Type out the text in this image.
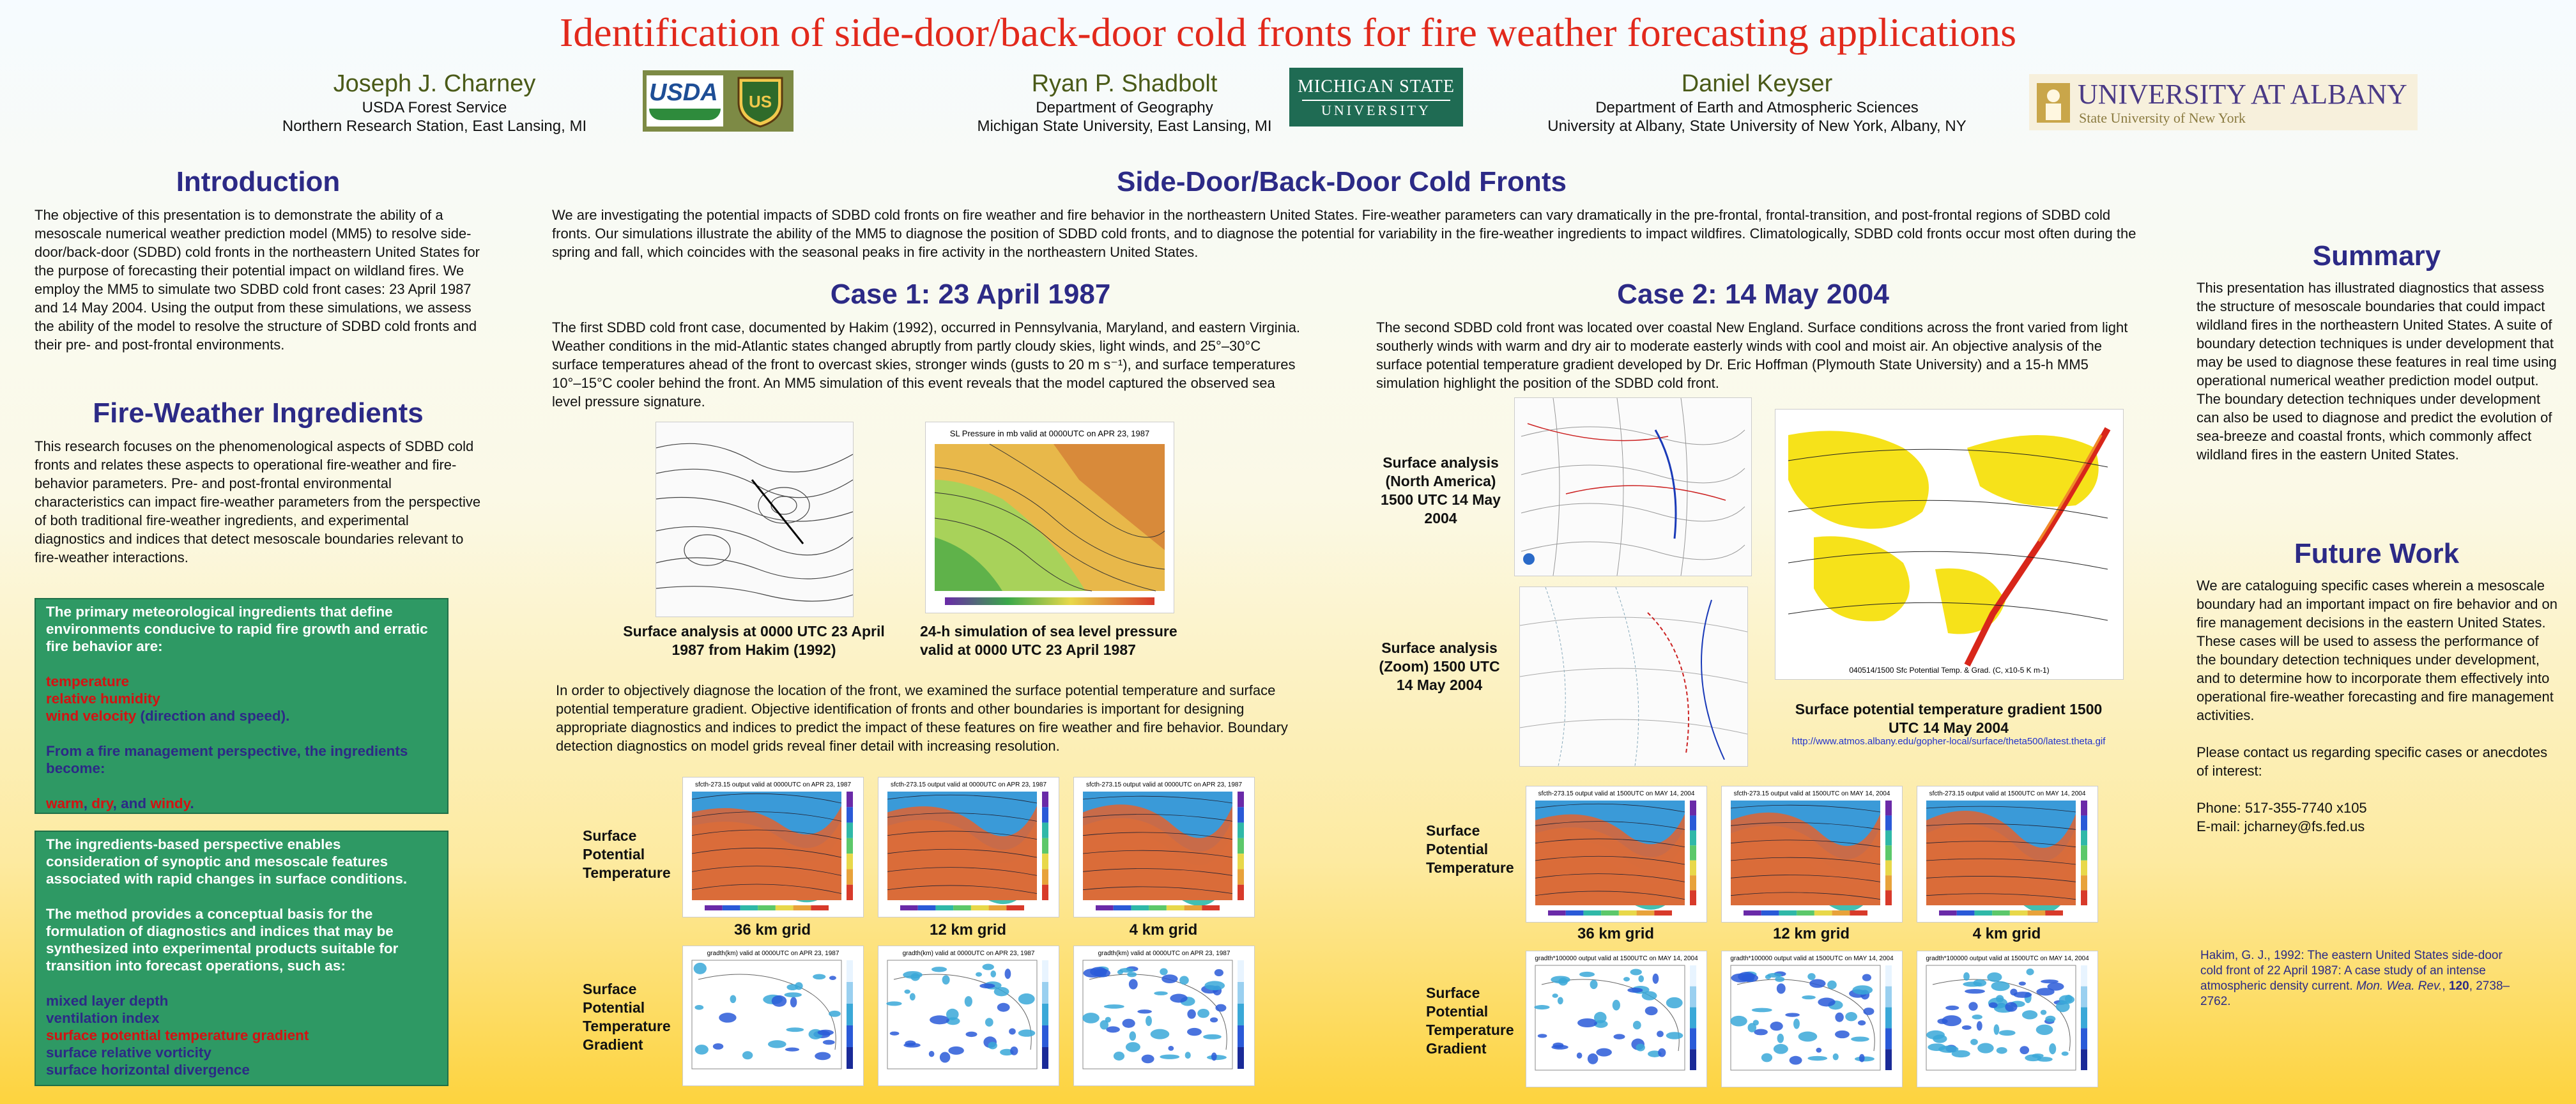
Identification of side-door/back-door cold fronts for fire weather forecasting applications
Joseph J. Charney
USDA Forest Service
Northern Research Station, East Lansing, MI
Ryan P. Shadbolt
Department of Geography
Michigan State University, East Lansing, MI
Daniel Keyser
Department of Earth and Atmospheric Sciences
University at Albany, State University of New York, Albany, NY
USDA US
MICHIGAN STATE
UNIVERSITY
UNIVERSITY AT ALBANY
State University of New York
Introduction
The objective of this presentation is to demonstrate the ability of a mesoscale numerical weather prediction model (MM5) to resolve side-door/back-door (SDBD) cold fronts in the northeastern United States for the purpose of forecasting their potential impact on wildland fires. We employ the MM5 to simulate two SDBD cold front cases: 23 April 1987 and 14 May 2004. Using the output from these simulations, we assess the ability of the model to resolve the structure of SDBD cold fronts and their pre- and post-frontal environments.
Fire-Weather Ingredients
This research focuses on the phenomenological aspects of SDBD cold fronts and relates these aspects to operational fire-weather and fire-behavior parameters. Pre- and post-frontal environmental characteristics can impact fire-weather parameters from the perspective of both traditional fire-weather ingredients, and experimental diagnostics and indices that detect mesoscale boundaries relevant to fire-weather interactions.

The primary meteorological ingredients that define environments conducive to rapid fire growth and erratic fire behavior are:

temperature
relative humidity
wind velocity (direction and speed).

From a fire management perspective, the ingredients become:

warm, dry, and windy.

The ingredients-based perspective enables consideration of synoptic and mesoscale features associated with rapid changes in surface conditions.

The method provides a conceptual basis for the formulation of diagnostics and indices that may be synthesized into experimental products suitable for transition into forecast operations, such as:

mixed layer depth
ventilation index
surface potential temperature gradient
surface relative vorticity
surface horizontal divergence

Side-Door/Back-Door Cold Fronts
We are investigating the potential impacts of SDBD cold fronts on fire weather and fire behavior in the northeastern United States. Fire-weather parameters can vary dramatically in the pre-frontal, frontal-transition, and post-frontal regions of SDBD cold fronts. Our simulations illustrate the ability of the MM5 to diagnose the position of SDBD cold fronts, and to diagnose the potential for variability in the fire-weather ingredients to impact wildfires. Climatologically, SDBD cold fronts occur most often during the spring and fall, which coincides with the seasonal peaks in fire activity in the northeastern United States.
Case 1: 23 April 1987
The first SDBD cold front case, documented by Hakim (1992), occurred in Pennsylvania, Maryland, and eastern Virginia. Weather conditions in the mid-Atlantic states changed abruptly from partly cloudy skies, light winds, and 25°–30°C surface temperatures ahead of the front to overcast skies, stronger winds (gusts to 20 m s⁻¹), and surface temperatures 10°–15°C cooler behind the front. An MM5 simulation of this event reveals that the model captured the observed sea level pressure signature.
Surface analysis at 0000 UTC 23 April 1987 from Hakim (1992)
SL Pressure in mb valid at 0000UTC on APR 23, 1987
24-h simulation of sea level pressure valid at 0000 UTC 23 April 1987
In order to objectively diagnose the location of the front, we examined the surface potential temperature and surface potential temperature gradient. Objective identification of fronts and other boundaries is important for designing appropriate diagnostics and indices to predict the impact of these features on fire weather and fire behavior. Boundary detection diagnostics on model grids reveal finer detail with increasing resolution.
Surface Potential Temperature
Surface Potential Temperature Gradient
sfcth-273.15 output valid at 0000UTC on APR 23, 1987	sfcth-273.15 output valid at 0000UTC on APR 23, 1987	sfcth-273.15 output valid at 0000UTC on APR 23, 1987
36 km grid	12 km grid	4 km grid
gradth(km) valid at 0000UTC on APR 23, 1987	gradth(km) valid at 0000UTC on APR 23, 1987	gradth(km) valid at 0000UTC on APR 23, 1987
Case 2: 14 May 2004
The second SDBD cold front was located over coastal New England. Surface conditions across the front varied from light southerly winds with warm and dry air to moderate easterly winds with cool and moist air. An objective analysis of the surface potential temperature gradient developed by Dr. Eric Hoffman (Plymouth State University) and a 15-h MM5 simulation highlight the position of the SDBD cold front.
Surface analysis (North America) 1500 UTC 14 May 2004
Surface analysis (Zoom) 1500 UTC 14 May 2004
040514/1500 Sfc Potential Temp. & Grad. (C, x10-5 K m-1)
Surface potential temperature gradient 1500 UTC 14 May 2004
http://www.atmos.albany.edu/gopher-local/surface/theta500/latest.theta.gif
Surface Potential Temperature
Surface Potential Temperature Gradient
sfcth-273.15 output valid at 1500UTC on MAY 14, 2004	sfcth-273.15 output valid at 1500UTC on MAY 14, 2004	sfcth-273.15 output valid at 1500UTC on MAY 14, 2004
36 km grid	12 km grid	4 km grid
gradth*100000 output valid at 1500UTC on MAY 14, 2004	gradth*100000 output valid at 1500UTC on MAY 14, 2004	gradth*100000 output valid at 1500UTC on MAY 14, 2004
Summary
This presentation has illustrated diagnostics that assess the structure of mesoscale boundaries that could impact wildland fires in the northeastern United States. A suite of boundary detection techniques is under development that may be used to diagnose these features in real time using operational numerical weather prediction model output. The boundary detection techniques under development can also be used to diagnose and predict the evolution of sea-breeze and coastal fronts, which commonly affect wildland fires in the eastern United States.
Future Work

We are cataloguing specific cases wherein a mesoscale boundary had an important impact on fire behavior and on fire management decisions in the eastern United States. These cases will be used to assess the performance of the boundary detection techniques under development, and to determine how to incorporate them effectively into operational fire-weather forecasting and fire management activities.

Please contact us regarding specific cases or anecdotes of interest:

Phone: 517-355-7740 x105

E-mail: jcharney@fs.fed.us

Hakim, G. J., 1992: The eastern United States side-door cold front of 22 April 1987: A case study of an intense atmospheric density current. Mon. Wea. Rev., 120, 2738–2762.
